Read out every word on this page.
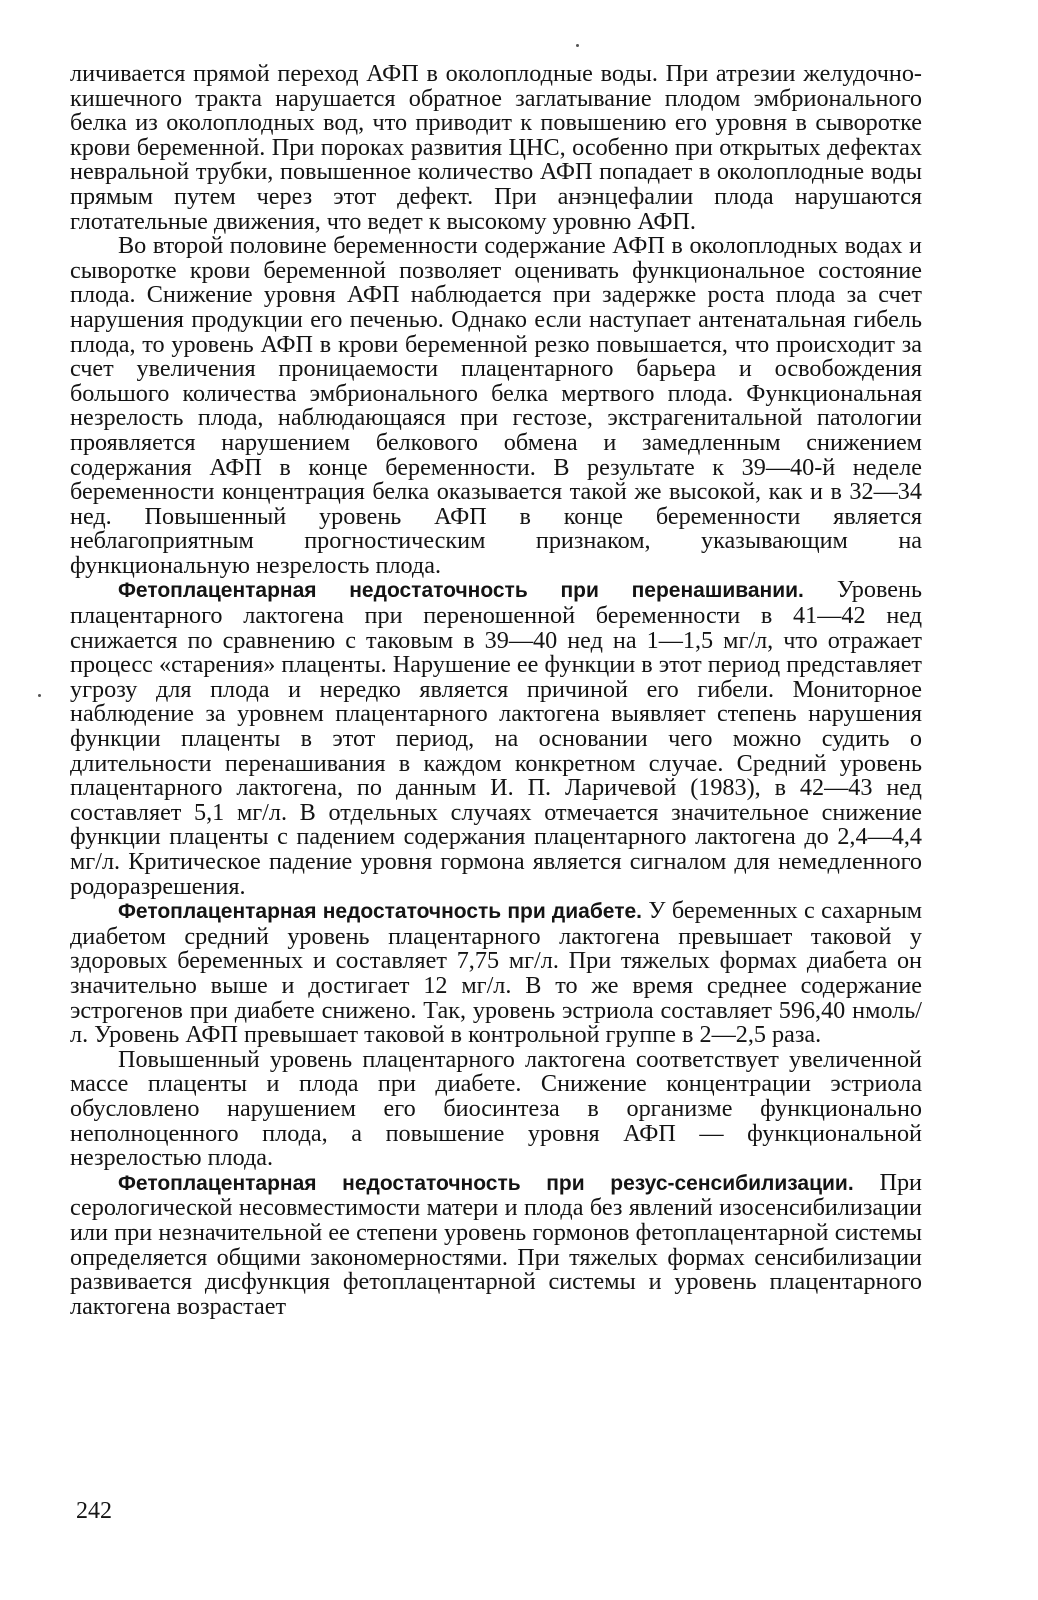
личивается прямой переход АФП в околоплодные воды. При атрезии желудочно-кишечного тракта нарушается обратное заглатывание плодом эмбрионального белка из околоплодных вод, что приводит к повышению его уровня в сыворотке крови беременной. При пороках развития ЦНС, особенно при открытых дефектах невральной трубки, повышенное количество АФП попадает в околоплодные воды прямым путем через этот дефект. При анэнцефалии плода нарушаются глотательные движения, что ведет к высокому уровню АФП.

Во второй половине беременности содержание АФП в околоплодных водах и сыворотке крови беременной позволяет оценивать функциональное состояние плода. Снижение уровня АФП наблюдается при задержке роста плода за счет нарушения продукции его печенью. Однако если наступает антенатальная гибель плода, то уровень АФП в крови беременной резко повышается, что происходит за счет увеличения проницаемости плацентарного барьера и освобождения большого количества эмбрионального белка мертвого плода. Функциональная незрелость плода, наблюдающаяся при гестозе, экстрагенитальной патологии проявляется нарушением белкового обмена и замедленным снижением содержания АФП в конце беременности. В результате к 39—40-й неделе беременности концентрация белка оказывается такой же высокой, как и в 32—34 нед. Повышенный уровень АФП в конце беременности является неблагоприятным прогностическим признаком, указывающим на функциональную незрелость плода.

Фетоплацентарная недостаточность при перенашивании. Уровень плацентарного лактогена при переношенной беременности в 41—42 нед снижается по сравнению с таковым в 39—40 нед на 1—1,5 мг/л, что отражает процесс «старения» плаценты. Нарушение ее функции в этот период представляет угрозу для плода и нередко является причиной его гибели. Мониторное наблюдение за уровнем плацентарного лактогена выявляет степень нарушения функции плаценты в этот период, на основании чего можно судить о длительности перенашивания в каждом конкретном случае. Средний уровень плацентарного лактогена, по данным И. П. Ларичевой (1983), в 42—43 нед составляет 5,1 мг/л. В отдельных случаях отмечается значительное снижение функции плаценты с падением содержания плацентарного лактогена до 2,4—4,4 мг/л. Критическое падение уровня гормона является сигналом для немедленного родоразрешения.

Фетоплацентарная недостаточность при диабете. У беременных с сахарным диабетом средний уровень плацентарного лактогена превышает таковой у здоровых беременных и составляет 7,75 мг/л. При тяжелых формах диабета он значительно выше и достигает 12 мг/л. В то же время среднее содержание эстрогенов при диабете снижено. Так, уровень эстриола составляет 596,40 нмоль/л. Уровень АФП превышает таковой в контрольной группе в 2—2,5 раза.

Повышенный уровень плацентарного лактогена соответствует увеличенной массе плаценты и плода при диабете. Снижение концентрации эстриола обусловлено нарушением его биосинтеза в организме функционально неполноценного плода, а повышение уровня АФП — функциональной незрелостью плода.

Фетоплацентарная недостаточность при резус-сенсибилизации. При серологической несовместимости матери и плода без явлений изосенсибилизации или при незначительной ее степени уровень гормонов фетоплацентарной системы определяется общими закономерностями. При тяжелых формах сенсибилизации развивается дисфункция фетоплацентарной системы и уровень плацентарного лактогена возрастает

242
